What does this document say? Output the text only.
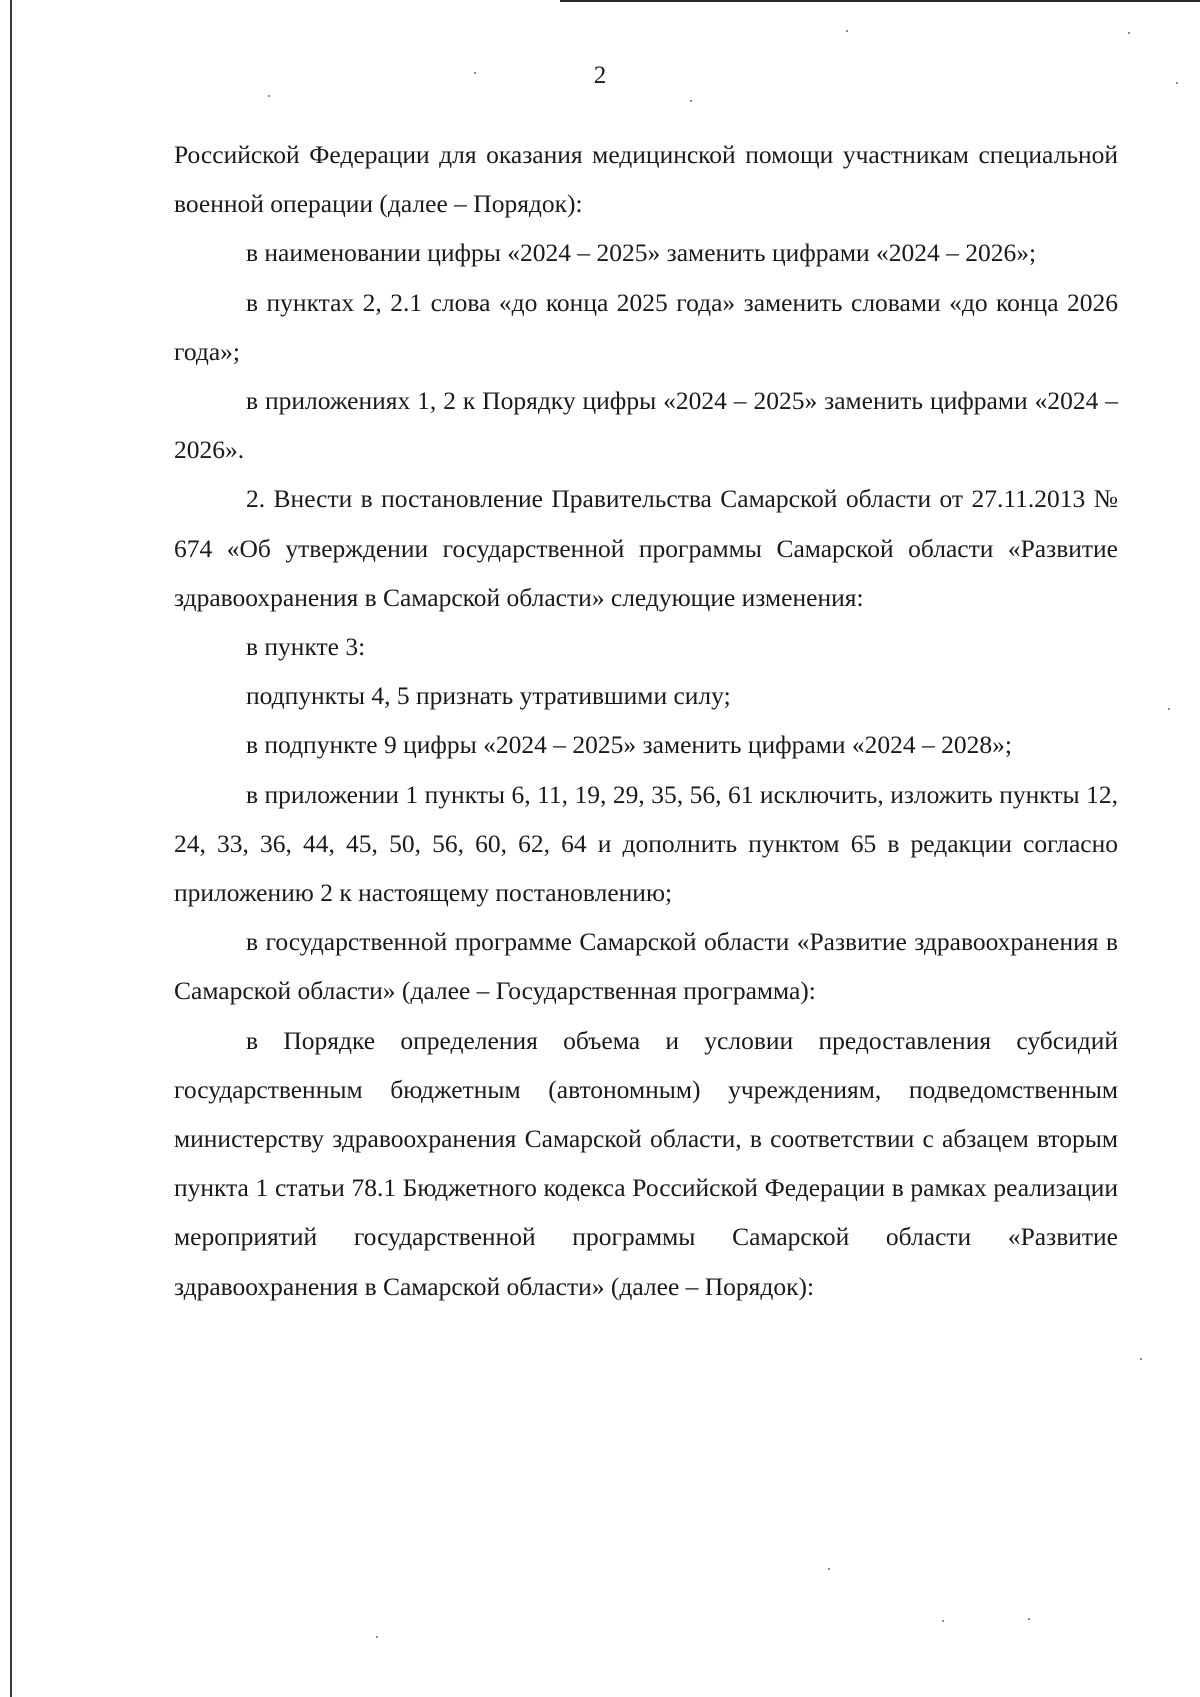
2

Российской Федерации для оказания медицинской помощи участникам специальной военной операции (далее – Порядок):

в наименовании цифры «2024 – 2025» заменить цифрами «2024 – 2026»;

в пунктах 2, 2.1 слова «до конца 2025 года» заменить словами «до конца 2026 года»;

в приложениях 1, 2 к Порядку цифры «2024 – 2025» заменить цифрами «2024 – 2026».

2. Внести в постановление Правительства Самарской области от 27.11.2013 № 674 «Об утверждении государственной программы Самарской области «Развитие здравоохранения в Самарской области» следующие изменения:

в пункте 3:

подпункты 4, 5 признать утратившими силу;

в подпункте 9 цифры «2024 – 2025» заменить цифрами «2024 – 2028»;

в приложении 1 пункты 6, 11, 19, 29, 35, 56, 61 исключить, изложить пункты 12, 24, 33, 36, 44, 45, 50, 56, 60, 62, 64 и дополнить пунктом 65 в редакции согласно приложению 2 к настоящему постановлению;

в государственной программе Самарской области «Развитие здравоохранения в Самарской области» (далее – Государственная программа):

в Порядке определения объема и условии предоставления субсидий государственным бюджетным (автономным) учреждениям, подведомственным министерству здравоохранения Самарской области, в соответствии с абзацем вторым пункта 1 статьи 78.1 Бюджетного кодекса Российской Федерации в рамках реализации мероприятий государственной программы Самарской области «Развитие здравоохранения в Самарской области» (далее – Порядок):
